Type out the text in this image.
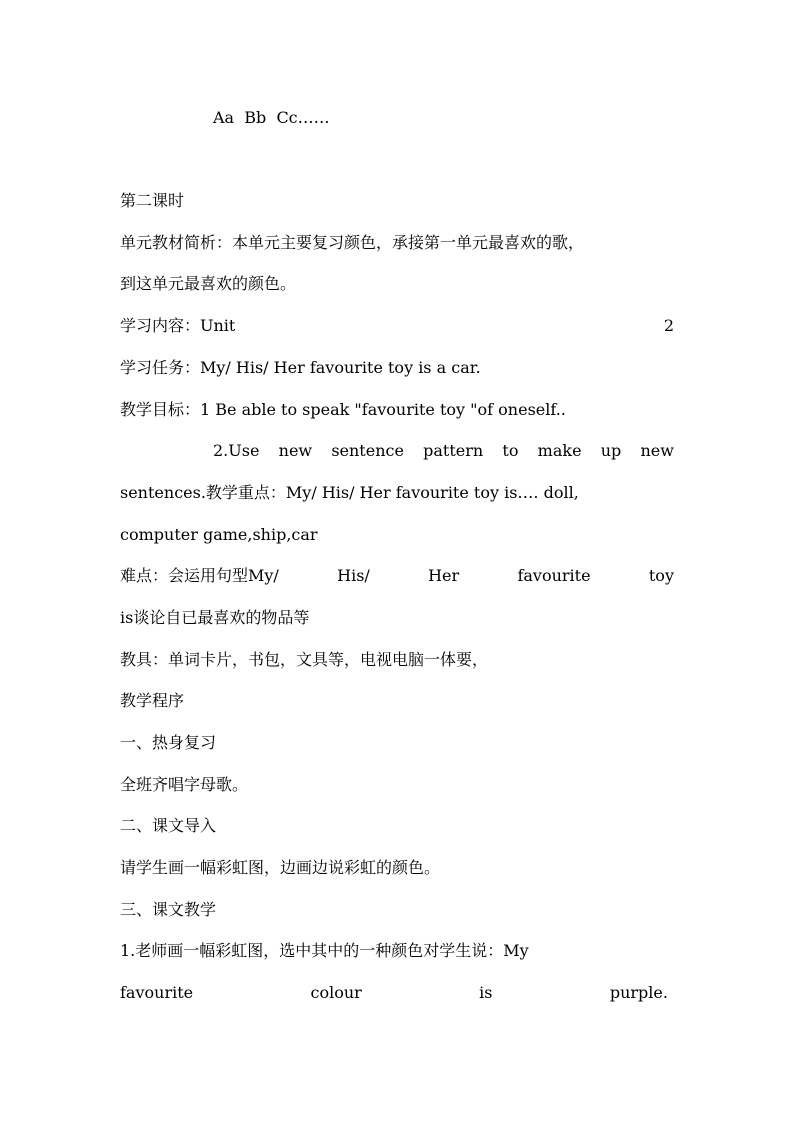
Aa  Bb  Cc……
第二课时
单元教材简析：本单元主要复习颜色，承接第一单元最喜欢的歌，
到这单元最喜欢的颜色。
学习内容：Unit	2
学习任务：My/ His/ Her favourite toy is a car.
教学目标：1 Be able to speak "favourite toy "of oneself..
2.Use new sentence pattern to make up new
sentences.教学重点：My/ His/ Her favourite toy is…. doll,
computer game,ship,car
难点：会运用句型My/	His/	Her	favourite	toy
is谈论自已最喜欢的物品等
教具：单词卡片，书包，文具等，电视电脑一体要，
教学程序
一、热身复习
全班齐唱字母歌。
二、课文导入
请学生画一幅彩虹图，边画边说彩虹的颜色。
三、课文教学
1.老师画一幅彩虹图，选中其中的一种颜色对学生说：My
favourite	colour	is	purple.
